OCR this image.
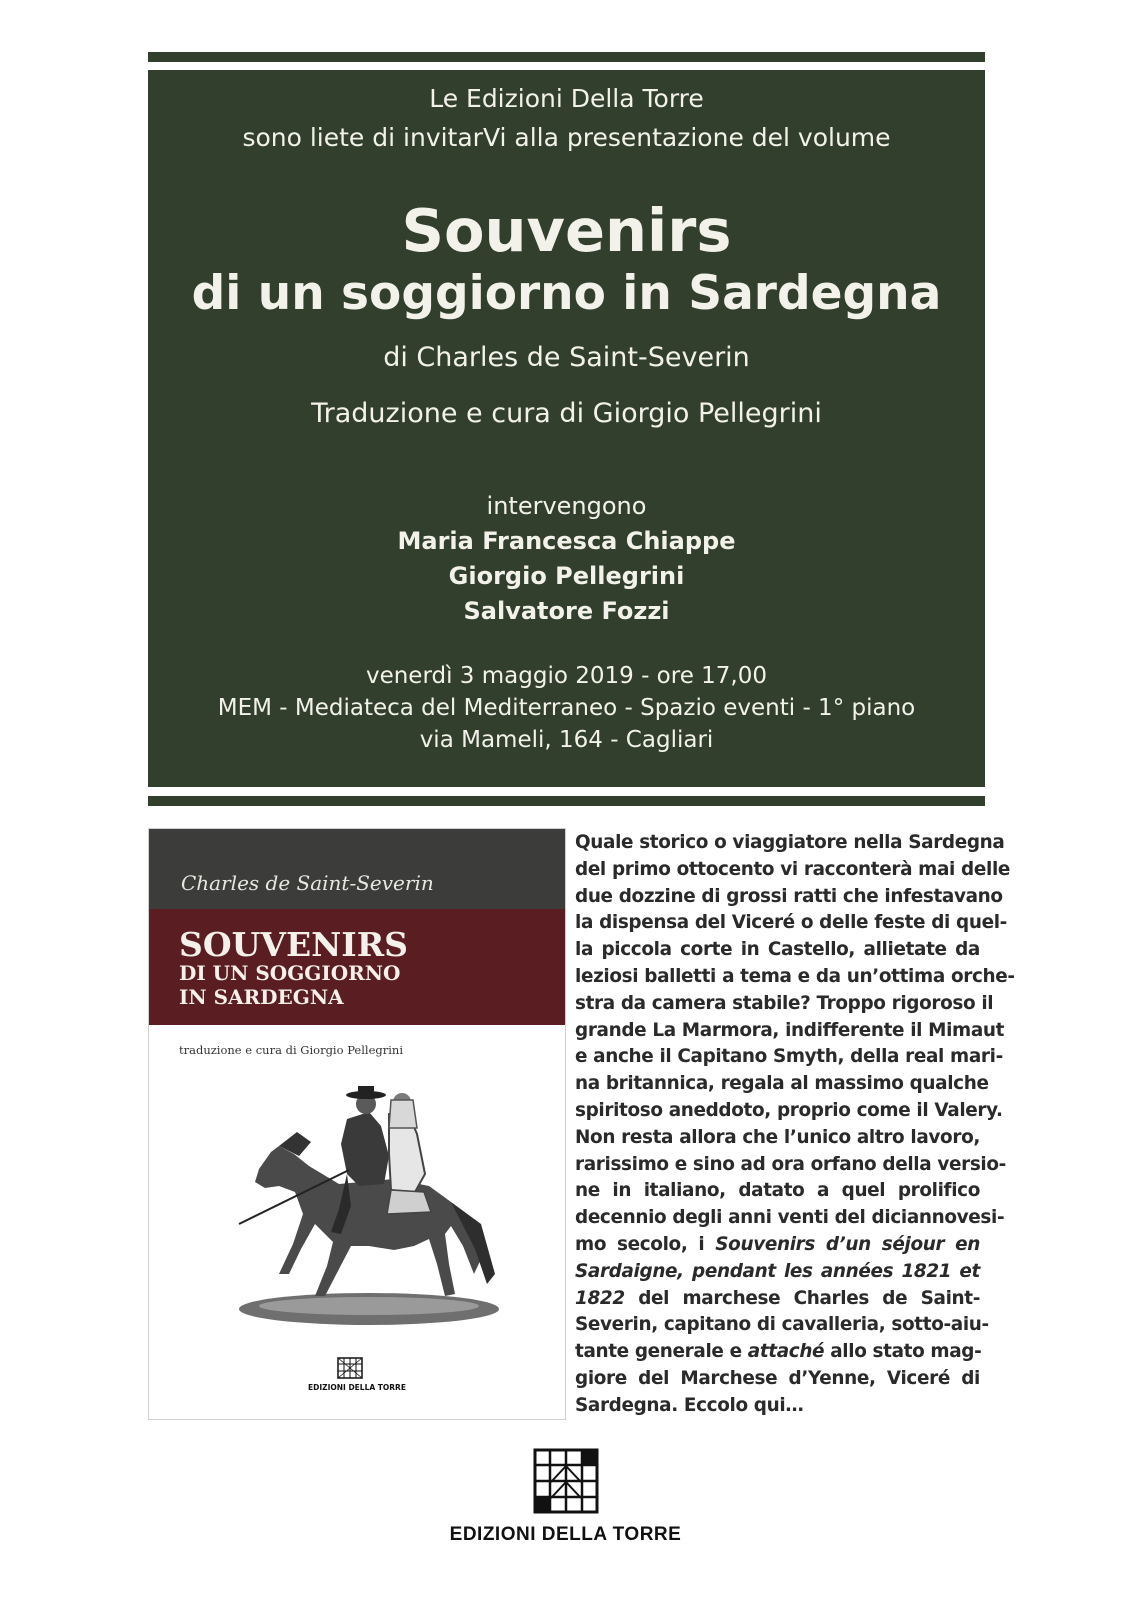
Le Edizioni Della Torre
sono liete di invitarVi alla presentazione del volume
Souvenirs
di un soggiorno in Sardegna
di Charles de Saint-Severin
Traduzione e cura di Giorgio Pellegrini
intervengono
Maria Francesca Chiappe
Giorgio Pellegrini
Salvatore Fozzi
venerdì 3 maggio 2019 - ore 17,00
MEM - Mediateca del Mediterraneo - Spazio eventi - 1° piano
via Mameli, 164 - Cagliari
Charles de Saint-Severin
SOUVENIRS
DI UN SOGGIORNO
IN SARDEGNA
traduzione e cura di Giorgio Pellegrini
EDIZIONI DELLA TORRE
Quale storico o viaggiatore nella Sardegna
del primo ottocento vi racconterà mai delle
due dozzine di grossi ratti che infestavano
la dispensa del Viceré o delle feste di quel-
la piccola corte in Castello, allietate da
leziosi balletti a tema e da un’ottima orche-
stra da camera stabile? Troppo rigoroso il
grande La Marmora, indifferente il Mimaut
e anche il Capitano Smyth, della real mari-
na britannica, regala al massimo qualche
spiritoso aneddoto, proprio come il Valery.
Non resta allora che l’unico altro lavoro,
rarissimo e sino ad ora orfano della versio-
ne in italiano, datato a quel prolifico
decennio degli anni venti del diciannovesi-
mo secolo, i Souvenirs d’un séjour en
Sardaigne, pendant les années 1821 et
1822 del marchese Charles de Saint-
Severin, capitano di cavalleria, sotto-aiu-
tante generale e attaché allo stato mag-
giore del Marchese d’Yenne, Viceré di
Sardegna. Eccolo qui…
EDIZIONI DELLA TORRE
